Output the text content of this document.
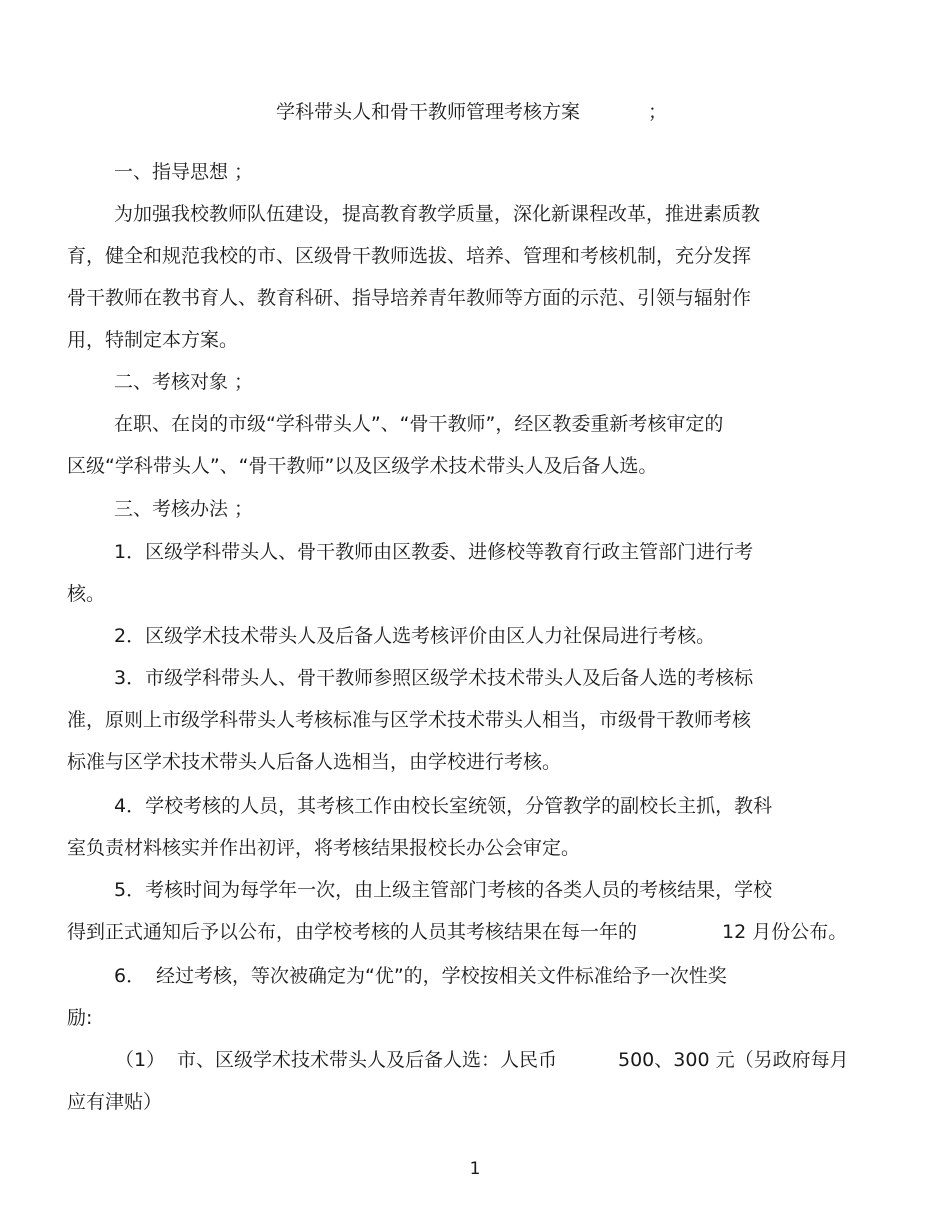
学科带头人和骨干教师管理考核方案	；
一、指导思想 ；
为加强我校教师队伍建设，提高教育教学质量，深化新课程改革，推进素质教
育，健全和规范我校的市、区级骨干教师选拔、培养、管理和考核机制，充分发挥
骨干教师在教书育人、教育科研、指导培养青年教师等方面的示范、引领与辐射作
用，特制定本方案。
二、考核对象 ；
在职、在岗的市级“学科带头人”、“骨干教师”，经区教委重新考核审定的
区级“学科带头人”、“骨干教师”以及区级学术技术带头人及后备人选。
三、考核办法 ；
1．区级学科带头人、骨干教师由区教委、进修校等教育行政主管部门进行考
核。
2．区级学术技术带头人及后备人选考核评价由区人力社保局进行考核。
3．市级学科带头人、骨干教师参照区级学术技术带头人及后备人选的考核标
准，原则上市级学科带头人考核标准与区学术技术带头人相当，市级骨干教师考核
标准与区学术技术带头人后备人选相当，由学校进行考核。
4．学校考核的人员，其考核工作由校长室统领，分管教学的副校长主抓，教科
室负责材料核实并作出初评，将考核结果报校长办公会审定。
5．考核时间为每学年一次，由上级主管部门考核的各类人员的考核结果，学校
得到正式通知后予以公布，由学校考核的人员其考核结果在每一年的	12 月份公布。
6． 经过考核，等次被确定为“优”的，学校按相关文件标准给予一次性奖
励:
（1） 市、区级学术技术带头人及后备人选：人民币	500、300 元（另政府每月
应有津贴）
1
